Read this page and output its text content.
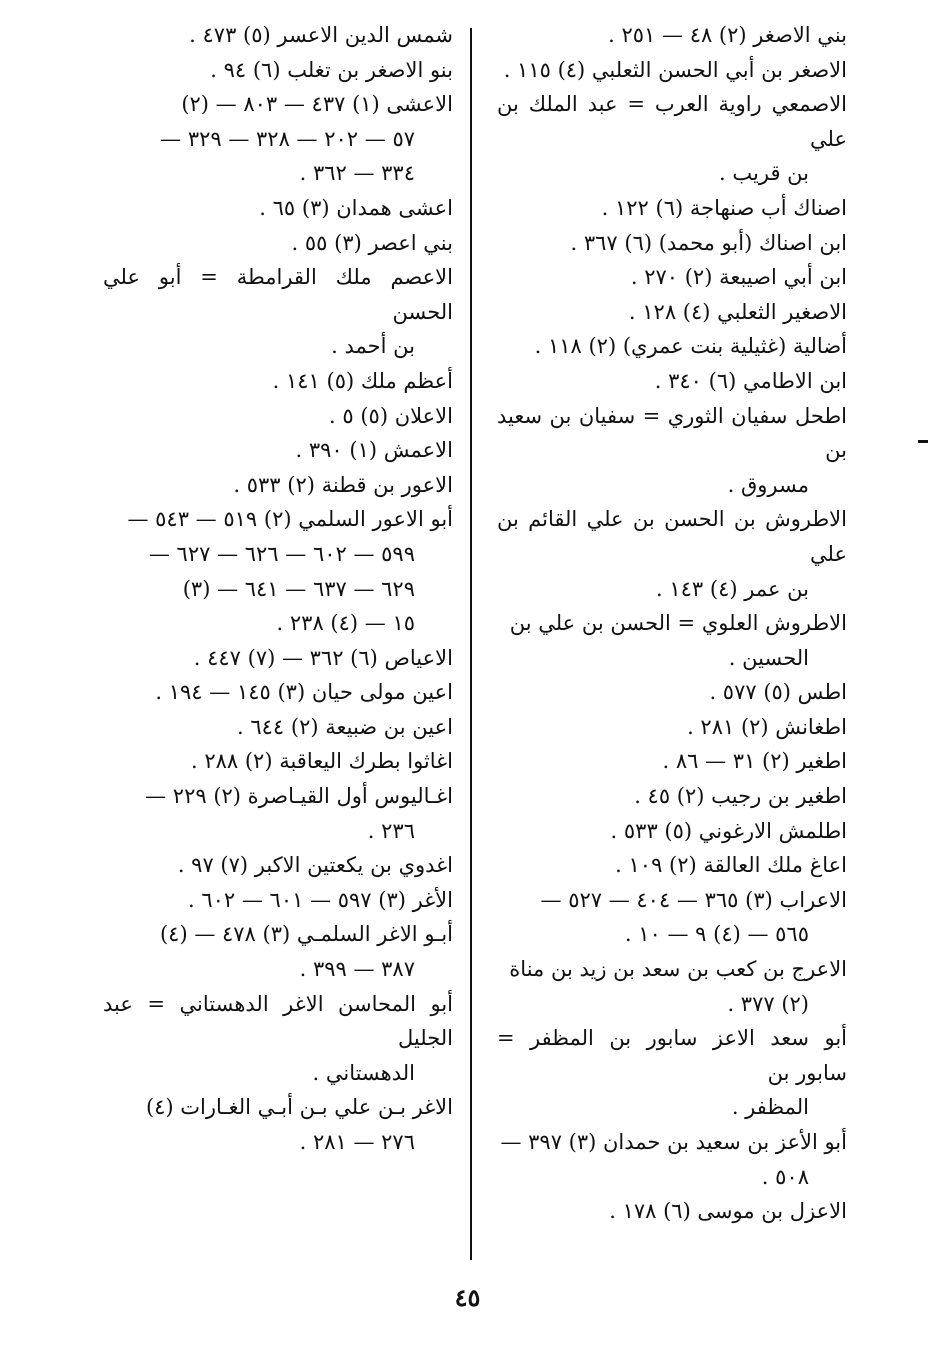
بني الاصغر (٢) ٤٨ — ٢٥١ .
الاصغر بن أبي الحسن الثعلبي (٤) ١١٥ .
الاصمعي راوية العرب = عبد الملك بن علي
بن قريب .
اصناك أب صنهاجة (٦) ١٢٢ .
ابن اصناك (أبو محمد) (٦) ٣٦٧ .
ابن أبي اصيبعة (٢) ٢٧٠ .
الاصغير الثعلبي (٤) ١٢٨ .
أضالية (غثيلية بنت عمري) (٢) ١١٨ .
ابن الاطامي (٦) ٣٤٠ .
اطحل سفيان الثوري = سفيان بن سعيد بن
مسروق .
الاطروش بن الحسن بن علي القائم بن علي
بن عمر (٤) ١٤٣ .
الاطروش العلوي = الحسن بن علي بن
الحسين .
اطس (٥) ٥٧٧ .
اطغانش (٢) ٢٨١ .
اطغير (٢) ٣١ — ٨٦ .
اطغير بن رجيب (٢) ٤٥ .
اطلمش الارغوني (٥) ٥٣٣ .
اعاغ ملك العالقة (٢) ١٠٩ .
الاعراب (٣) ٣٦٥ — ٤٠٤ — ٥٢٧ —
٥٦٥ — (٤) ٩ — ١٠ .
الاعرج بن كعب بن سعد بن زيد بن مناة
(٢) ٣٧٧ .
أبو سعد الاعز سابور بن المظفر = سابور بن
المظفر .
أبو الأعز بن سعيد بن حمدان (٣) ٣٩٧ —
٥٠٨ .
الاعزل بن موسى (٦) ١٧٨ .
شمس الدين الاعسر (٥) ٤٧٣ .
بنو الاصغر بن تغلب (٦) ٩٤ .
الاعشى (١) ٤٣٧ — ٨٠٣ — (٢)
٥٧ — ٢٠٢ — ٣٢٨ — ٣٢٩ —
٣٣٤ — ٣٦٢ .
اعشى همدان (٣) ٦٥ .
بني اعصر (٣) ٥٥ .
الاعصم ملك القرامطة = أبو علي الحسن
بن أحمد .
أعظم ملك (٥) ١٤١ .
الاعلان (٥) ٥ .
الاعمش (١) ٣٩٠ .
الاعور بن قطنة (٢) ٥٣٣ .
أبو الاعور السلمي (٢) ٥١٩ — ٥٤٣ —
٥٩٩ — ٦٠٢ — ٦٢٦ — ٦٢٧ —
٦٢٩ — ٦٣٧ — ٦٤١ — (٣)
١٥ — (٤) ٢٣٨ .
الاعياص (٦) ٣٦٢ — (٧) ٤٤٧ .
اعين مولى حيان (٣) ١٤٥ — ١٩٤ .
اعين بن ضبيعة (٢) ٦٤٤ .
اغاثوا بطرك اليعاقبة (٢) ٢٨٨ .
اغـاليوس أول القيـاصرة (٢) ٢٢٩ —
٢٣٦ .
اغدوي بن يكعتين الاكبر (٧) ٩٧ .
الأغر (٣) ٥٩٧ — ٦٠١ — ٦٠٢ .
أبـو الاغر السلمـي (٣) ٤٧٨ — (٤)
٣٨٧ — ٣٩٩ .
أبو المحاسن الاغر الدهستاني = عبد الجليل
الدهستاني .
الاغر بـن علي بـن أبـي الغـارات (٤)
٢٧٦ — ٢٨١ .
٤٥
